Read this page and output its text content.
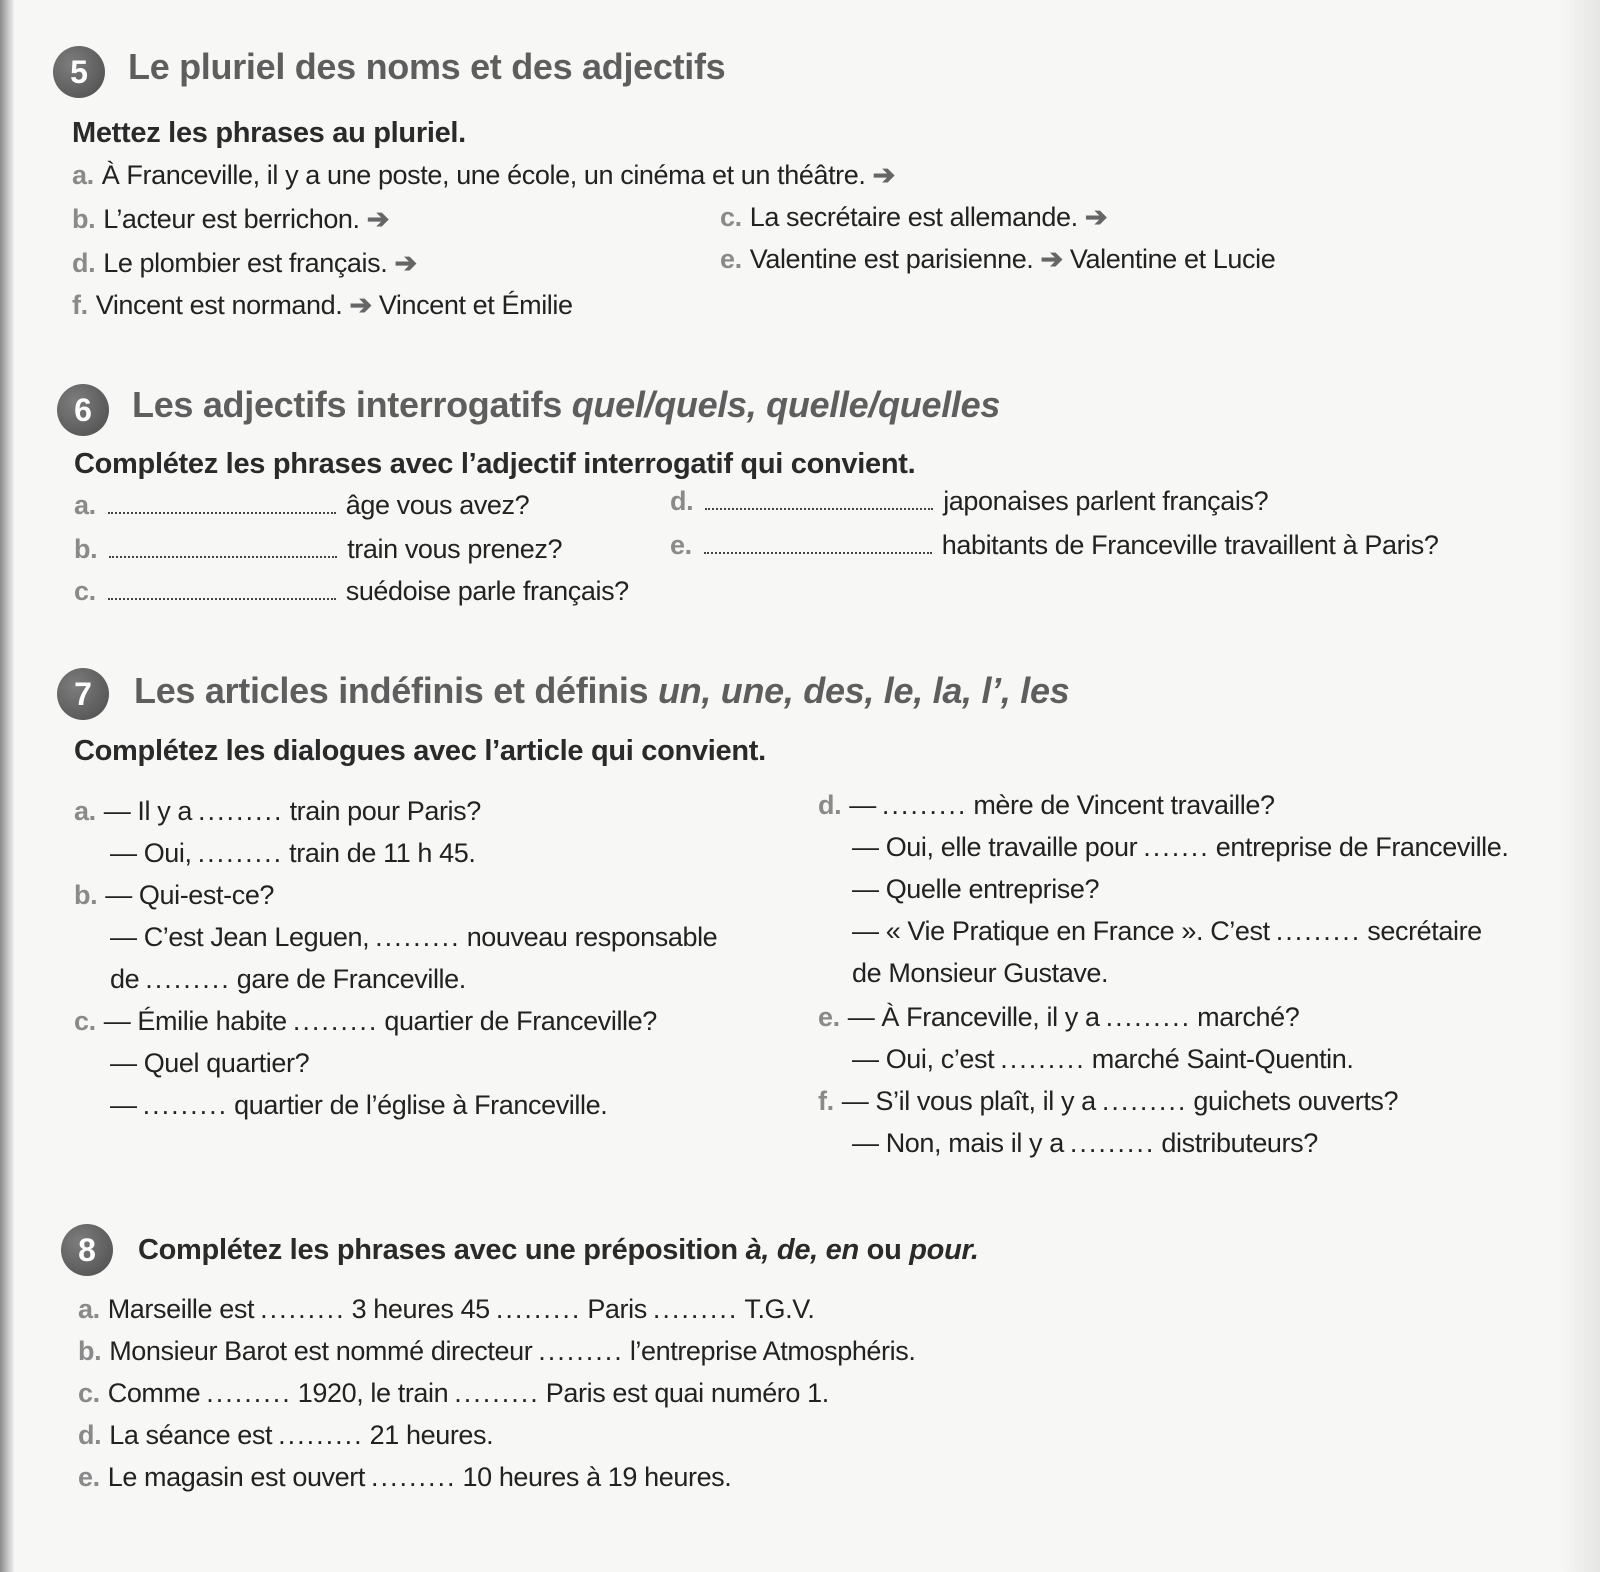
5	Le pluriel des noms et des adjectifs
Mettez les phrases au pluriel.
a. À Franceville, il y a une poste, une école, un cinéma et un théâtre. ➔
b. L’acteur est berrichon. ➔	c. La secrétaire est allemande. ➔
d. Le plombier est français. ➔	e. Valentine est parisienne. ➔ Valentine et Lucie
f. Vincent est normand. ➔ Vincent et Émilie
6	Les adjectifs interrogatifs quel/quels, quelle/quelles
Complétez les phrases avec l’adjectif interrogatif qui convient.
a.	âge vous avez?
b.	train vous prenez?
c.	suédoise parle français?
d.	japonaises parlent français?
e.	habitants de Franceville travaillent à Paris?
7	Les articles indéfinis et définis un, une, des, le, la, l’, les
Complétez les dialogues avec l’article qui convient.
a. — Il y a ......... train pour Paris?
— Oui, ......... train de 11 h 45.
b. — Qui-est-ce?
— C’est Jean Leguen, ......... nouveau responsable
de ......... gare de Franceville.
c. — Émilie habite ......... quartier de Franceville?
— Quel quartier?
— ......... quartier de l’église à Franceville.
d. — ......... mère de Vincent travaille?
— Oui, elle travaille pour ....... entreprise de Franceville.
— Quelle entreprise?
— « Vie Pratique en France ». C’est ......... secrétaire
de Monsieur Gustave.
e. — À Franceville, il y a ......... marché?
— Oui, c’est ......... marché Saint-Quentin.
f. — S’il vous plaît, il y a ......... guichets ouverts?
— Non, mais il y a ......... distributeurs?
8	Complétez les phrases avec une préposition à, de, en ou pour.
a. Marseille est ......... 3 heures 45 ......... Paris ......... T.G.V.
b. Monsieur Barot est nommé directeur ......... l’entreprise Atmosphéris.
c. Comme ......... 1920, le train ......... Paris est quai numéro 1.
d. La séance est ......... 21 heures.
e. Le magasin est ouvert ......... 10 heures à 19 heures.
